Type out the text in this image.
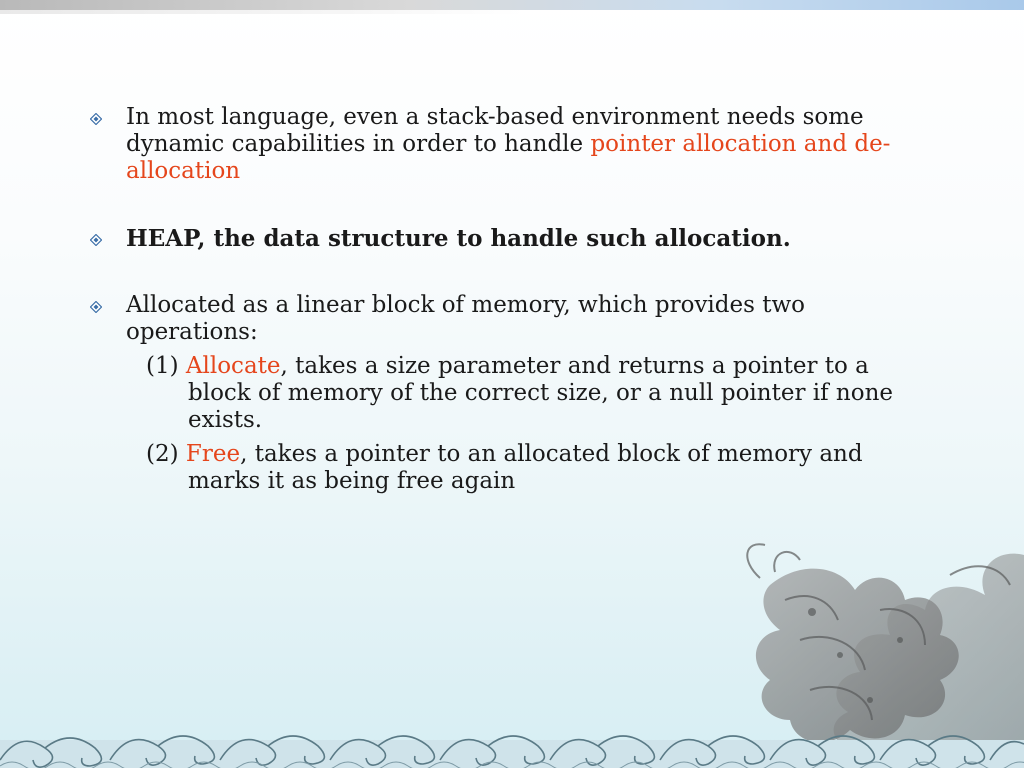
In most language, even a stack-based environment needs some dynamic capabilities in order to handle pointer allocation and de-allocation
HEAP, the data structure to handle such allocation.
Allocated as a linear block of memory, which provides two operations:
(1) Allocate, takes a size parameter and returns a pointer to a block of memory of the correct size, or a null pointer if none exists.
(2) Free, takes a pointer to an allocated block of memory and marks it as being free again
